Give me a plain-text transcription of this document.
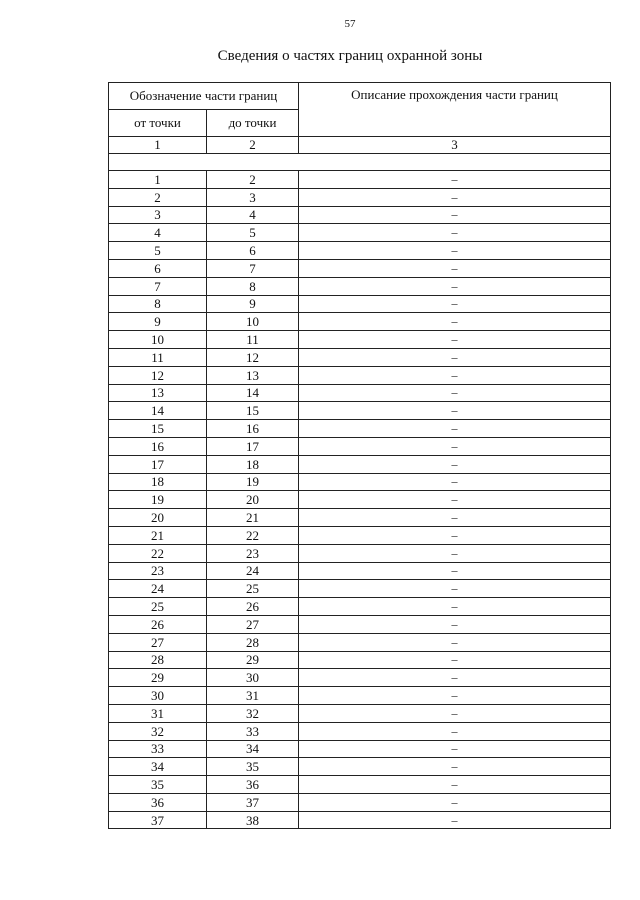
57
Сведения о частях границ охранной зоны
Обозначение части границ		Описание прохождения части границ
от точки	до точки	
1	2	3

1	2	–
2	3	–
3	4	–
4	5	–
5	6	–
6	7	–
7	8	–
8	9	–
9	10	–
10	11	–
11	12	–
12	13	–
13	14	–
14	15	–
15	16	–
16	17	–
17	18	–
18	19	–
19	20	–
20	21	–
21	22	–
22	23	–
23	24	–
24	25	–
25	26	–
26	27	–
27	28	–
28	29	–
29	30	–
30	31	–
31	32	–
32	33	–
33	34	–
34	35	–
35	36	–
36	37	–
37	38	–
